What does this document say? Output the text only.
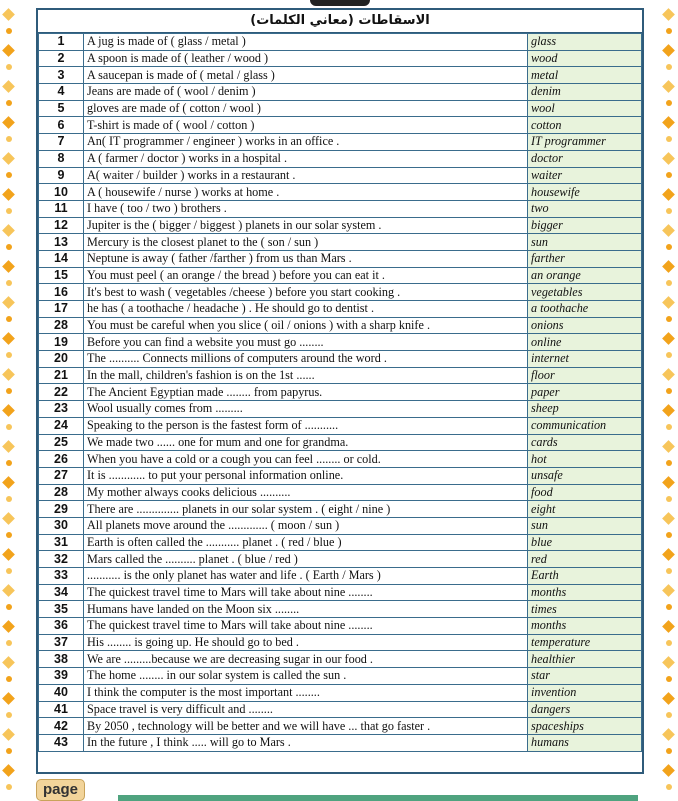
الاسقاطات (معاني الكلمات)
1	A jug is made of ( glass / metal )	glass
2	A spoon is made of ( leather / wood )	wood
3	A saucepan is made of ( metal / glass )	metal
4	Jeans are made of ( wool / denim )	denim
5	gloves are made of ( cotton / wool )	wool
6	T-shirt is made of ( wool / cotton )	cotton
7	An( IT programmer / engineer ) works in an office .	IT programmer
8	A ( farmer / doctor ) works in a hospital .	doctor
9	A( waiter / builder ) works in a restaurant .	waiter
10	A ( housewife / nurse ) works at home .	housewife
11	I have ( too / two ) brothers .	two
12	Jupiter is the ( bigger / biggest ) planets in our solar system .	bigger
13	Mercury is the closest planet to the ( son / sun )	sun
14	Neptune is away ( father /farther ) from us than Mars .	farther
15	You must peel ( an orange / the bread ) before you can eat it .	an orange
16	It's best to wash ( vegetables /cheese ) before you start cooking .	vegetables
17	he has ( a toothache / headache ) . He should go to dentist .	a toothache
28	You must be careful when you slice ( oil / onions ) with a sharp knife .	onions
19	Before you can find a website you must go ........	online
20	The .......... Connects millions of computers around the word .	internet
21	In the mall, children's fashion is on the 1st ......	floor
22	The Ancient Egyptian made ........ from papyrus.	paper
23	Wool usually comes from .........	sheep
24	Speaking to the person is the fastest form of ...........	communication
25	We made two ...... one for mum and one for grandma.	cards
26	When you have a cold or a cough you can feel ........ or cold.	hot
27	It is ............ to put your personal information online.	unsafe
28	My mother always cooks delicious ..........	food
29	There are .............. planets in our solar system . ( eight / nine )	eight
30	All planets move around the ............. ( moon / sun )	sun
31	Earth is often called the ........... planet . ( red / blue )	blue
32	Mars called the .......... planet . ( blue / red )	red
33	........... is the only planet has water and life . ( Earth / Mars )	Earth
34	The quickest travel time to Mars will take about nine ........	months
35	Humans have landed on the Moon six ........	times
36	The quickest travel time to Mars will take about nine ........	months
37	His ........ is going up. He should go to bed .	temperature
38	We are .........because we are decreasing sugar in our food .	healthier
39	The home ........ in our solar system is called the sun .	star
40	I think the computer is the most important ........	invention
41	Space travel is very difficult and ........	dangers
42	By 2050 , technology will be better and we will have ... that go faster .	spaceships
43	In the future , I think ..... will go to Mars .	humans
page
